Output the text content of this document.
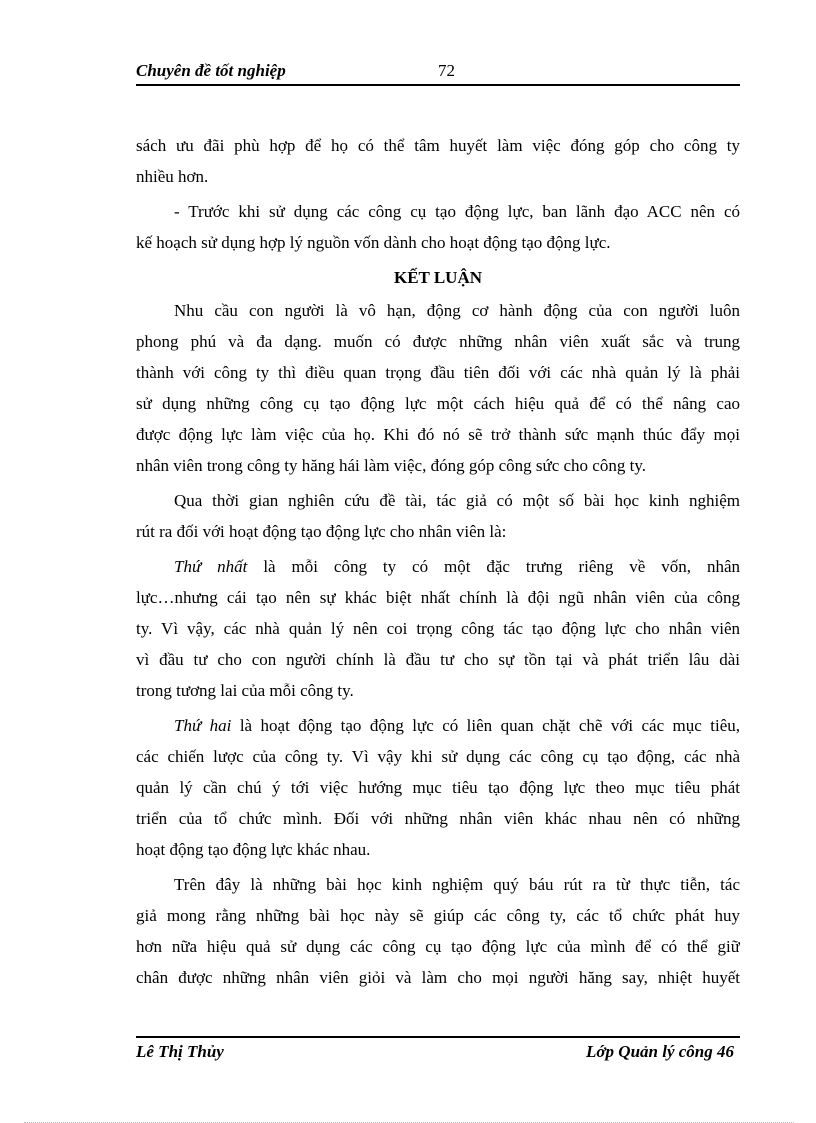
Chuyên đề tốt nghiệp	72
sách ưu đãi phù hợp để họ có thể tâm huyết làm việc đóng góp cho công ty
nhiều hơn.
- Trước khi sử dụng các công cụ tạo động lực, ban lãnh đạo ACC nên có
kế hoạch sử dụng hợp lý nguồn vốn dành cho hoạt động tạo động lực.
KẾT LUẬN
Nhu cầu con người là vô hạn, động cơ hành động của con người luôn
phong phú và đa dạng. muốn có được những nhân viên xuất sắc và trung
thành với công ty thì điều quan trọng đầu tiên đối với các nhà quản lý là phải
sử dụng những công cụ tạo động lực một cách hiệu quả để có thể nâng cao
được động lực làm việc của họ. Khi đó nó sẽ trở thành sức mạnh thúc đẩy mọi
nhân viên trong công ty hăng hái làm việc, đóng góp công sức cho công ty.
Qua thời gian nghiên cứu đề tài, tác giả có một số bài học kinh nghiệm
rút ra đối với hoạt động tạo động lực cho nhân viên là:
Thứ nhất là mỗi công ty có một đặc trưng riêng về vốn, nhân
lực…nhưng cái tạo nên sự khác biệt nhất chính là đội ngũ nhân viên của công
ty. Vì vậy, các nhà quản lý nên coi trọng công tác tạo động lực cho nhân viên
vì đầu tư cho con người chính là đầu tư cho sự tồn tại và phát triển lâu dài
trong tương lai của mỗi công ty.
Thứ hai là hoạt động tạo động lực có liên quan chặt chẽ với các mục tiêu,
các chiến lược của công ty. Vì vậy khi sử dụng các công cụ tạo động, các nhà
quản lý cần chú ý tới việc hướng mục tiêu tạo động lực theo mục tiêu phát
triển của tổ chức mình. Đối với những nhân viên khác nhau nên có những
hoạt động tạo động lực khác nhau.
Trên đây là những bài học kinh nghiệm quý báu rút ra từ thực tiễn, tác
giả mong rằng những bài học này sẽ giúp các công ty, các tổ chức phát huy
hơn nữa hiệu quả sử dụng các công cụ tạo động lực của mình để có thể giữ
chân được những nhân viên giỏi và làm cho mọi người hăng say, nhiệt huyết
Lê Thị Thủy	Lớp Quản lý công 46
